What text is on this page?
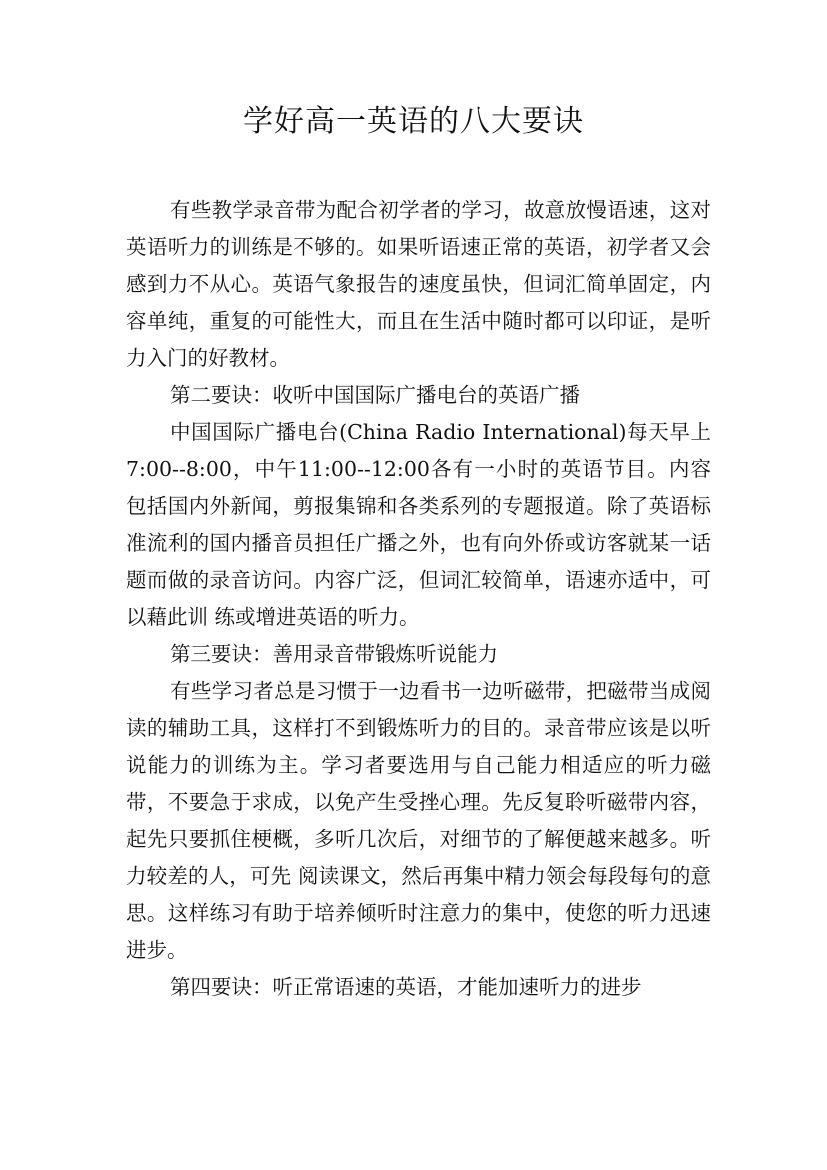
学好高一英语的八大要诀

有些教学录音带为配合初学者的学习，故意放慢语速，这对英语听力的训练是不够的。如果听语速正常的英语，初学者又会感到力不从心。英语气象报告的速度虽快，但词汇简单固定，内容单纯，重复的可能性大，而且在生活中随时都可以印证，是听力入门的好教材。

第二要诀：收听中国国际广播电台的英语广播

中国国际广播电台(China Radio International)每天早上7:00--8:00，中午11:00--12:00各有一小时的英语节目。内容包括国内外新闻，剪报集锦和各类系列的专题报道。除了英语标准流利的国内播音员担任广播之外，也有向外侨或访客就某一话题而做的录音访问。内容广泛，但词汇较简单，语速亦适中，可以藉此训 练或增进英语的听力。

第三要诀：善用录音带锻炼听说能力

有些学习者总是习惯于一边看书一边听磁带，把磁带当成阅读的辅助工具，这样打不到锻炼听力的目的。录音带应该是以听说能力的训练为主。学习者要选用与自己能力相适应的听力磁带，不要急于求成，以免产生受挫心理。先反复聆听磁带内容，起先只要抓住梗概，多听几次后，对细节的了解便越来越多。听力较差的人，可先 阅读课文，然后再集中精力领会每段每句的意思。这样练习有助于培养倾听时注意力的集中，使您的听力迅速进步。

第四要诀：听正常语速的英语，才能加速听力的进步
